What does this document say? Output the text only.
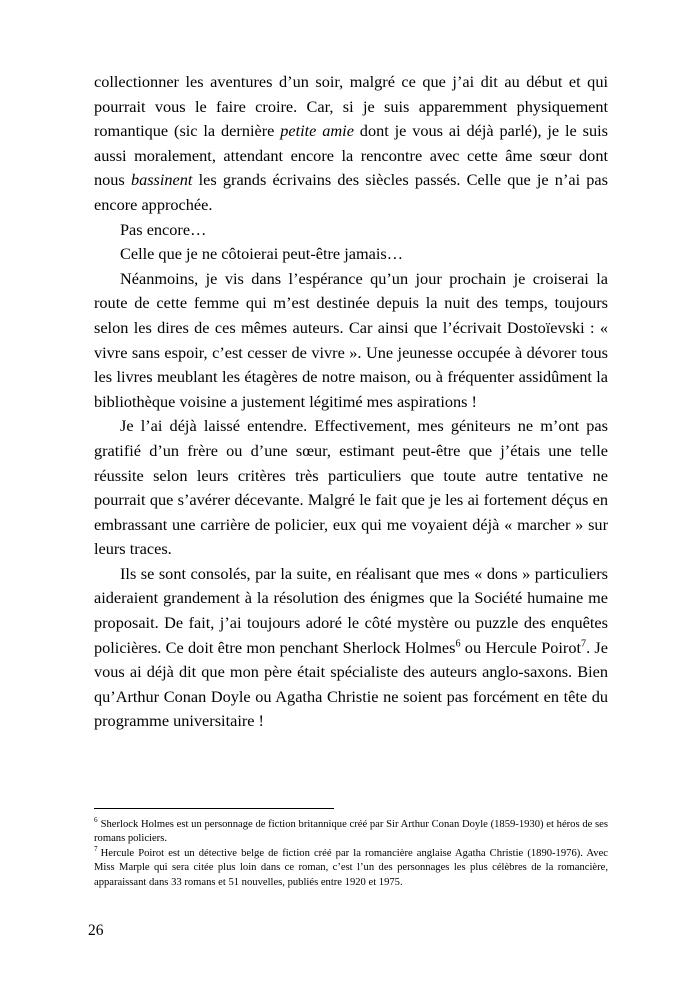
collectionner les aventures d’un soir, malgré ce que j’ai dit au début et qui pourrait vous le faire croire. Car, si je suis apparemment physiquement romantique (sic la dernière petite amie dont je vous ai déjà parlé), je le suis aussi moralement, attendant encore la rencontre avec cette âme sœur dont nous bassinent les grands écrivains des siècles passés. Celle que je n’ai pas encore approchée.

Pas encore…

Celle que je ne côtoierai peut-être jamais…

Néanmoins, je vis dans l’espérance qu’un jour prochain je croiserai la route de cette femme qui m’est destinée depuis la nuit des temps, toujours selon les dires de ces mêmes auteurs. Car ainsi que l’écrivait Dostoïevski : « vivre sans espoir, c’est cesser de vivre ». Une jeunesse occupée à dévorer tous les livres meublant les étagères de notre maison, ou à fréquenter assidûment la bibliothèque voisine a justement légitimé mes aspirations !

Je l’ai déjà laissé entendre. Effectivement, mes géniteurs ne m’ont pas gratifié d’un frère ou d’une sœur, estimant peut-être que j’étais une telle réussite selon leurs critères très particuliers que toute autre tentative ne pourrait que s’avérer décevante. Malgré le fait que je les ai fortement déçus en embrassant une carrière de policier, eux qui me voyaient déjà « marcher » sur leurs traces.

Ils se sont consolés, par la suite, en réalisant que mes « dons » particuliers aideraient grandement à la résolution des énigmes que la Société humaine me proposait. De fait, j’ai toujours adoré le côté mystère ou puzzle des enquêtes policières. Ce doit être mon penchant Sherlock Holmes$^6$ ou Hercule Poirot$^7$. Je vous ai déjà dit que mon père était spécialiste des auteurs anglo-saxons. Bien qu’Arthur Conan Doyle ou Agatha Christie ne soient pas forcément en tête du programme universitaire !

$^6$ Sherlock Holmes est un personnage de fiction britannique créé par Sir Arthur Conan Doyle (1859-1930) et héros de ses romans policiers.

$^7$ Hercule Poirot est un détective belge de fiction créé par la romancière anglaise Agatha Christie (1890-1976). Avec Miss Marple qui sera citée plus loin dans ce roman, c’est l’un des personnages les plus célèbres de la romancière, apparaissant dans 33 romans et 51 nouvelles, publiés entre 1920 et 1975.

26
